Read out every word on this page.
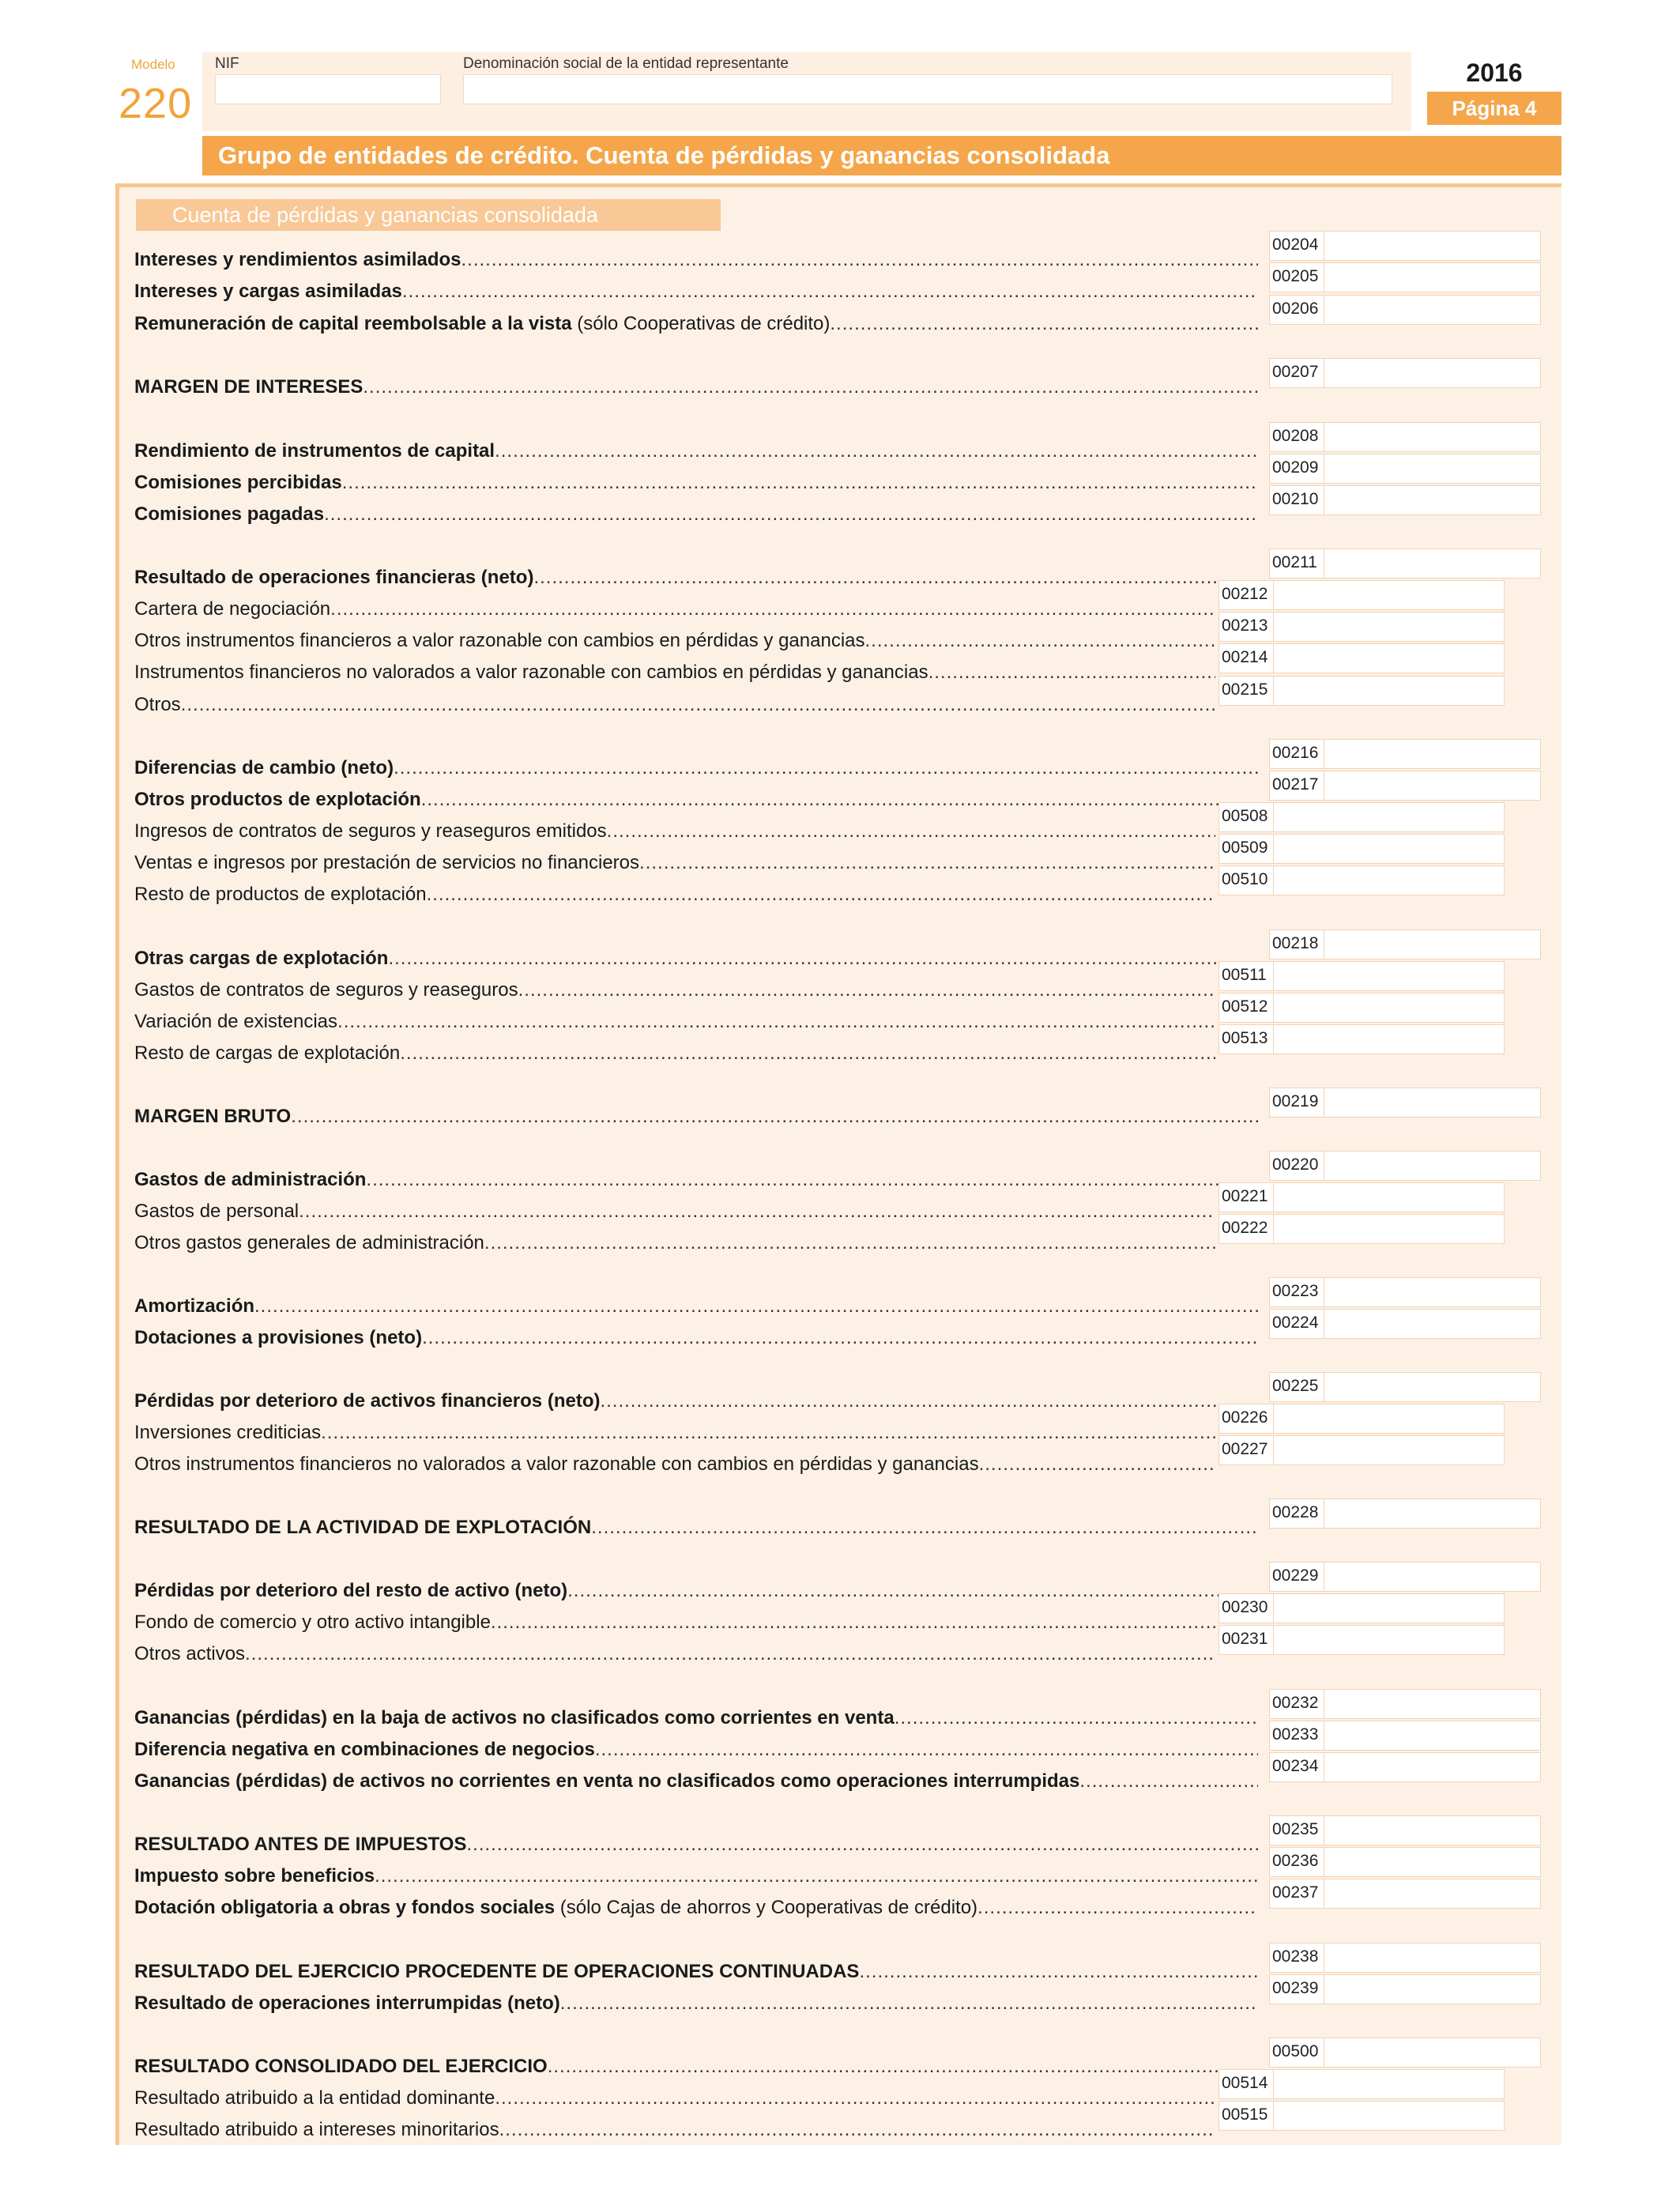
Modelo
220
NIF	Denominación social de la entidad representante	2016
Página 4
Grupo de entidades de crédito. Cuenta de pérdidas y ganancias consolidada
Cuenta de pérdidas y ganancias consolidada
Intereses y rendimientos asimilados
.....
00204
Intereses y cargas asimiladas
.....
00205
Remuneración de capital reembolsable a la vista (sólo Cooperativas de crédito)
.....
00206
MARGEN DE INTERESES
.....
00207
Rendimiento de instrumentos de capital
.....
00208
Comisiones percibidas
.....
00209
Comisiones pagadas
.....
00210
Resultado de operaciones financieras (neto)
.....
00211
Cartera de negociación
.....
00212
Otros instrumentos financieros a valor razonable con cambios en pérdidas y ganancias
.....
00213
Instrumentos financieros no valorados a valor razonable con cambios en pérdidas y ganancias
.....
00214
Otros
.....
00215
Diferencias de cambio (neto)
.....
00216
Otros productos de explotación
.....
00217
Ingresos de contratos de seguros y reaseguros emitidos
.....
00508
Ventas e ingresos por prestación de servicios no financieros
.....
00509
Resto de productos de explotación
.....
00510
Otras cargas de explotación
.....
00218
Gastos de contratos de seguros y reaseguros
.....
00511
Variación de existencias
.....
00512
Resto de cargas de explotación
.....
00513
MARGEN BRUTO
.....
00219
Gastos de administración
.....
00220
Gastos de personal
.....
00221
Otros gastos generales de administración
.....
00222
Amortización
.....
00223
Dotaciones a provisiones (neto)
.....
00224
Pérdidas por deterioro de activos financieros (neto)
.....
00225
Inversiones crediticias
.....
00226
Otros instrumentos financieros no valorados a valor razonable con cambios en pérdidas y ganancias
.....
00227
RESULTADO DE LA ACTIVIDAD DE EXPLOTACIÓN
.....
00228
Pérdidas por deterioro del resto de activo (neto)
.....
00229
Fondo de comercio y otro activo intangible
.....
00230
Otros activos
.....
00231
Ganancias (pérdidas) en la baja de activos no clasificados como corrientes en venta
.....
00232
Diferencia negativa en combinaciones de negocios
.....
00233
Ganancias (pérdidas) de activos no corrientes en venta no clasificados como operaciones interrumpidas
.....
00234
RESULTADO ANTES DE IMPUESTOS
.....
00235
Impuesto sobre beneficios
.....
00236
Dotación obligatoria a obras y fondos sociales (sólo Cajas de ahorros y Cooperativas de crédito)
.....
00237
RESULTADO DEL EJERCICIO PROCEDENTE DE OPERACIONES CONTINUADAS
.....
00238
Resultado de operaciones interrumpidas (neto)
.....
00239
RESULTADO CONSOLIDADO DEL EJERCICIO
.....
00500
Resultado atribuido a la entidad dominante
.....
00514
Resultado atribuido a intereses minoritarios
.....
00515
